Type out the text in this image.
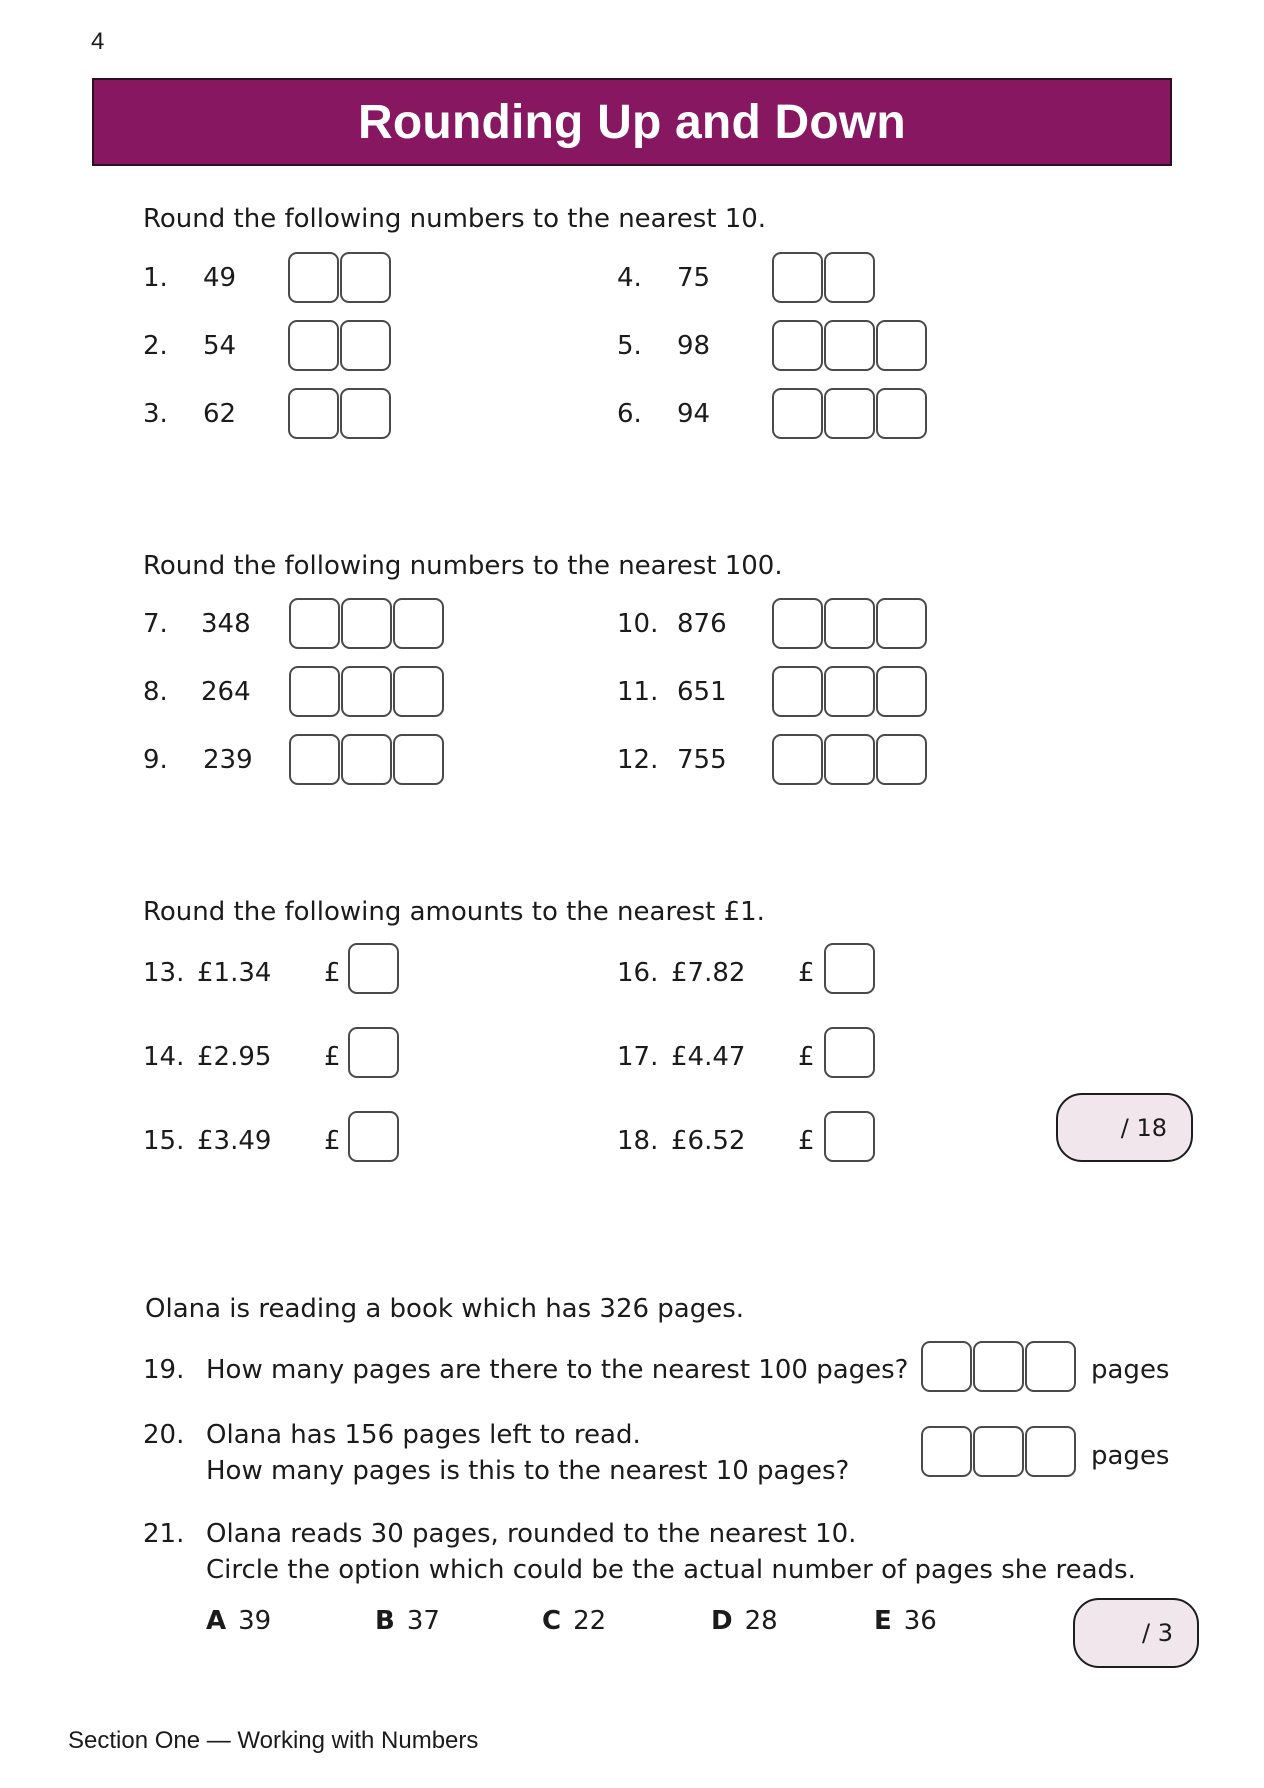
4
Rounding Up and Down
Round the following numbers to the nearest 10.
1. 49
2. 54
3. 62
4. 75
5. 98
6. 94
Round the following numbers to the nearest 100.
7. 348
8. 264
9. 239
10. 876
11. 651
12. 755
Round the following amounts to the nearest £1.
13. £1.34 £
14. £2.95 £
15. £3.49 £
16. £7.82 £
17. £4.47 £
18. £6.52 £	/ 18
Olana is reading a book which has 326 pages.
19. How many pages are there to the nearest 100 pages?	pages
20. Olana has 156 pages left to read.
How many pages is this to the nearest 10 pages?	pages
21. Olana reads 30 pages, rounded to the nearest 10.
Circle the option which could be the actual number of pages she reads.
A 39	B 37	C 22	D 28	E 36	/ 3
Section One — Working with Numbers
